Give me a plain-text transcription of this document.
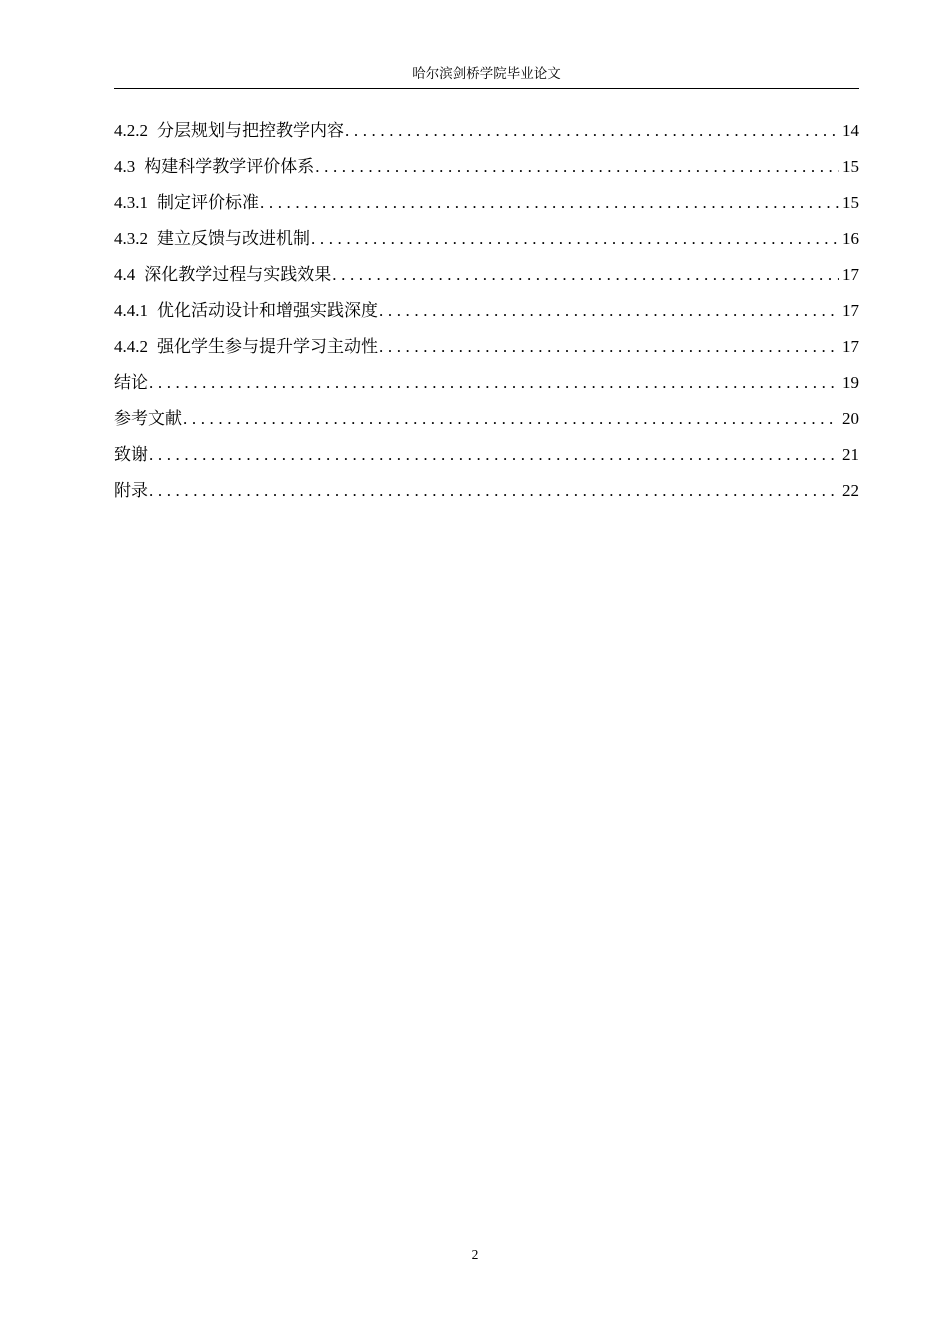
哈尔滨剑桥学院毕业论文
4.2.2 分层规划与把控教学内容 .....	14
4.3 构建科学教学评价体系 .....	15
4.3.1 制定评价标准 .....	15
4.3.2 建立反馈与改进机制 .....	16
4.4 深化教学过程与实践效果 .....	17
4.4.1 优化活动设计和增强实践深度 .....	17
4.4.2 强化学生参与提升学习主动性 .....	17
结论 .....	19
参考文献 .....	20
致谢 .....	21
附录 .....	22
2
